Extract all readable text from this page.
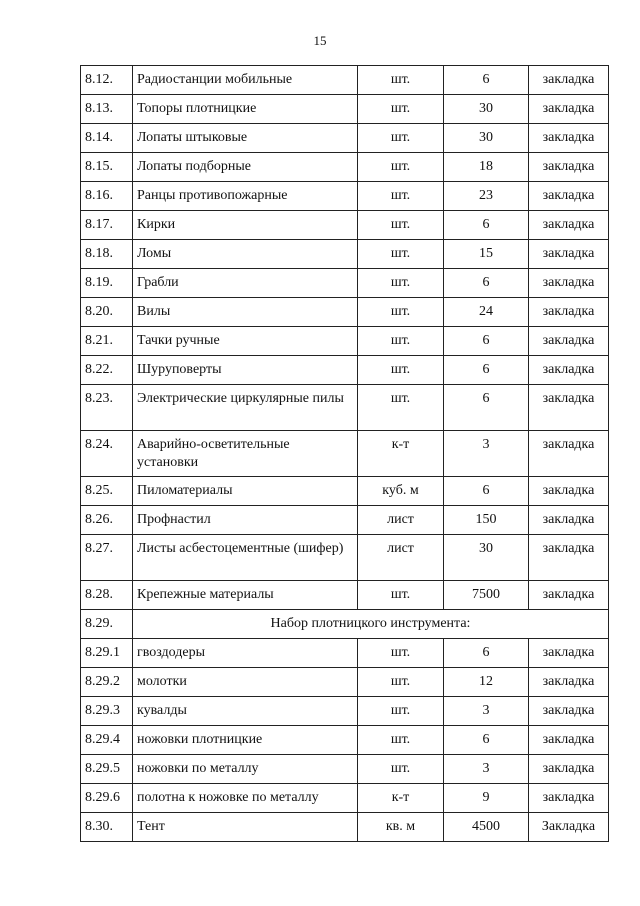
15
8.12.	Радиостанции мобильные	шт.	6	закладка

8.13.	Топоры плотницкие	шт.	30	закладка

8.14.	Лопаты штыковые	шт.	30	закладка

8.15.	Лопаты подборные	шт.	18	закладка

8.16.	Ранцы противопожарные	шт.	23	закладка

8.17.	Кирки	шт.	6	закладка

8.18.	Ломы	шт.	15	закладка

8.19.	Грабли	шт.	6	закладка

8.20.	Вилы	шт.	24	закладка

8.21.	Тачки ручные	шт.	6	закладка

8.22.	Шуруповерты	шт.	6	закладка

8.23.	Электрические циркулярные пилы	шт.	6	закладка

8.24.	Аварийно-осветительные установки	к-т	3	закладка

8.25.	Пиломатериалы	куб. м	6	закладка

8.26.	Профнастил	лист	150	закладка

8.27.	Листы асбестоцементные (шифер)	лист	30	закладка

8.28.	Крепежные материалы	шт.	7500	закладка

8.29.	Набор плотницкого инструмента:			

8.29.1	гвоздодеры	шт.	6	закладка

8.29.2	молотки	шт.	12	закладка

8.29.3	кувалды	шт.	3	закладка

8.29.4	ножовки плотницкие	шт.	6	закладка

8.29.5	ножовки по металлу	шт.	3	закладка

8.29.6	полотна к ножовке по металлу	к-т	9	закладка

8.30.	Тент	кв. м	4500	Закладка
